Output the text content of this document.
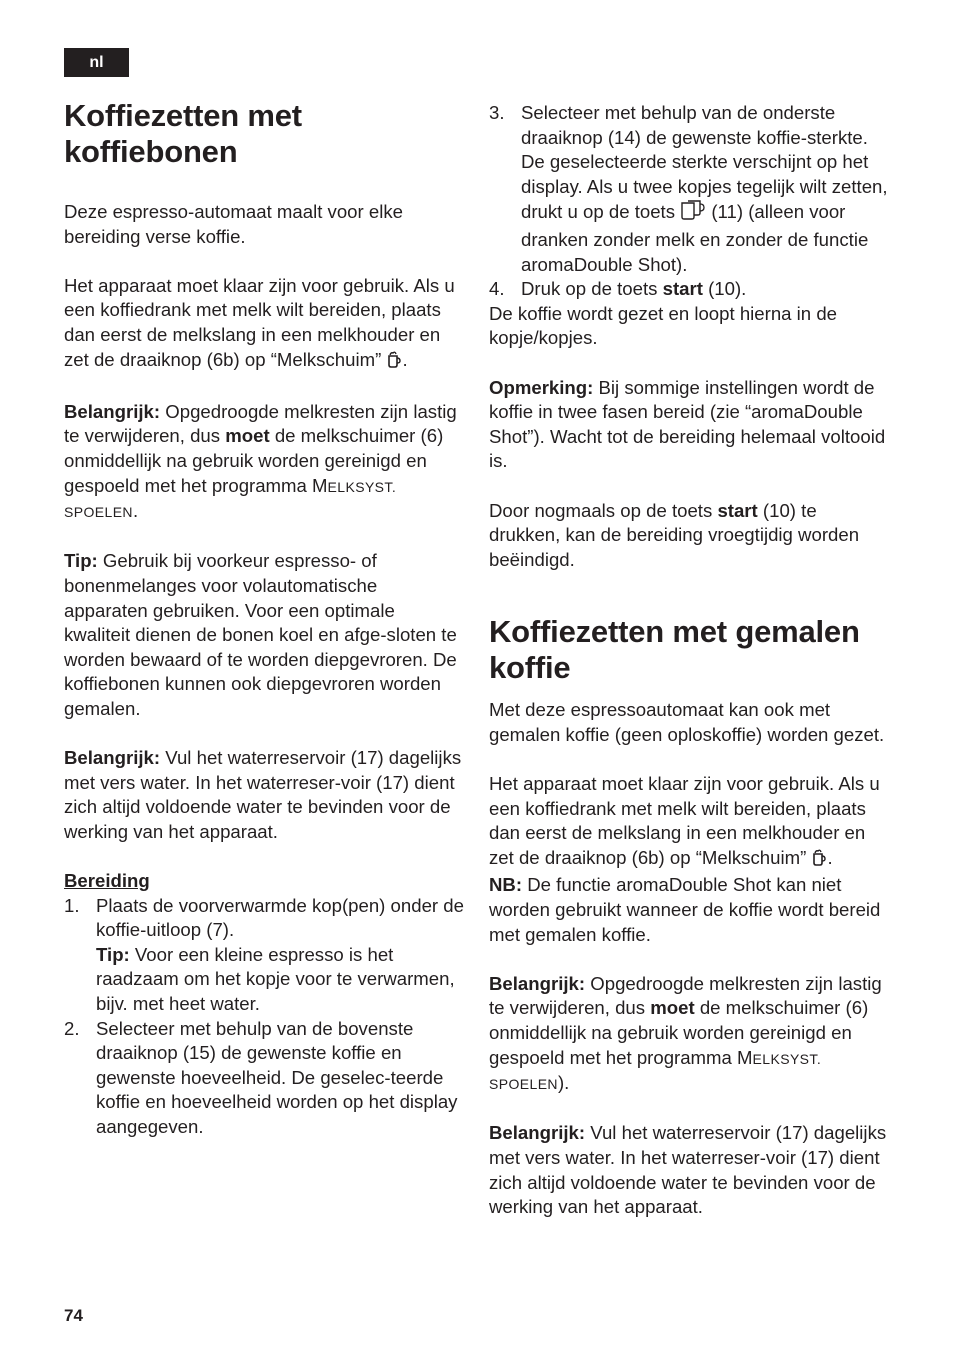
nl
Koffiezetten met koffiebonen

Deze espresso-automaat maalt voor elke bereiding verse koffie.

Het apparaat moet klaar zijn voor gebruik. Als u een koffiedrank met melk wilt bereiden, plaats dan eerst de melkslang in een melkhouder en zet de draaiknop (6b) op “Melkschuim” .

Belangrijk: Opgedroogde melkresten zijn lastig te verwijderen, dus moet de melkschuimer (6) onmiddellijk na gebruik worden gereinigd en gespoeld met het programma MELKSYST. SPOELEN.

Tip: Gebruik bij voorkeur espresso- of bonenmelanges voor volautomatische apparaten gebruiken. Voor een optimale kwaliteit dienen de bonen koel en afge-sloten te worden bewaard of te worden diepgevroren. De koffiebonen kunnen ook diepgevroren worden gemalen.

Belangrijk: Vul het waterreservoir (17) dagelijks met vers water. In het waterreser-voir (17) dient zich altijd voldoende water te bevinden voor de werking van het apparaat.

Bereiding

1. Plaats de voorverwarmde kop(pen) onder de koffie-uitloop (7).
Tip: Voor een kleine espresso is het raadzaam om het kopje voor te verwarmen, bijv. met heet water.
2. Selecteer met behulp van de bovenste draaiknop (15) de gewenste koffie en gewenste hoeveelheid. De geselec-teerde koffie en hoeveelheid worden op het display aangegeven.
3. Selecteer met behulp van de onderste draaiknop (14) de gewenste koffie-sterkte. De geselecteerde sterkte verschijnt op het display. Als u twee kopjes tegelijk wilt zetten, drukt u op de toets  (11) (alleen voor dranken zonder melk en zonder de functie aromaDouble Shot).
4. Druk op de toets start (10).

De koffie wordt gezet en loopt hierna in de kopje/kopjes.

Opmerking: Bij sommige instellingen wordt de koffie in twee fasen bereid (zie “aromaDouble Shot”). Wacht tot de bereiding helemaal voltooid is.

Door nogmaals op de toets start (10) te drukken, kan de bereiding vroegtijdig worden beëindigd.

Koffiezetten met gemalen koffie

Met deze espressoautomaat kan ook met gemalen koffie (geen oploskoffie) worden gezet.

Het apparaat moet klaar zijn voor gebruik. Als u een koffiedrank met melk wilt bereiden, plaats dan eerst de melkslang in een melkhouder en zet de draaiknop (6b) op “Melkschuim” .

NB: De functie aromaDouble Shot kan niet worden gebruikt wanneer de koffie wordt bereid met gemalen koffie.

Belangrijk: Opgedroogde melkresten zijn lastig te verwijderen, dus moet de melkschuimer (6) onmiddellijk na gebruik worden gereinigd en gespoeld met het programma MELKSYST. SPOELEN).

Belangrijk: Vul het waterreservoir (17) dagelijks met vers water. In het waterreser-voir (17) dient zich altijd voldoende water te bevinden voor de werking van het apparaat.

74
